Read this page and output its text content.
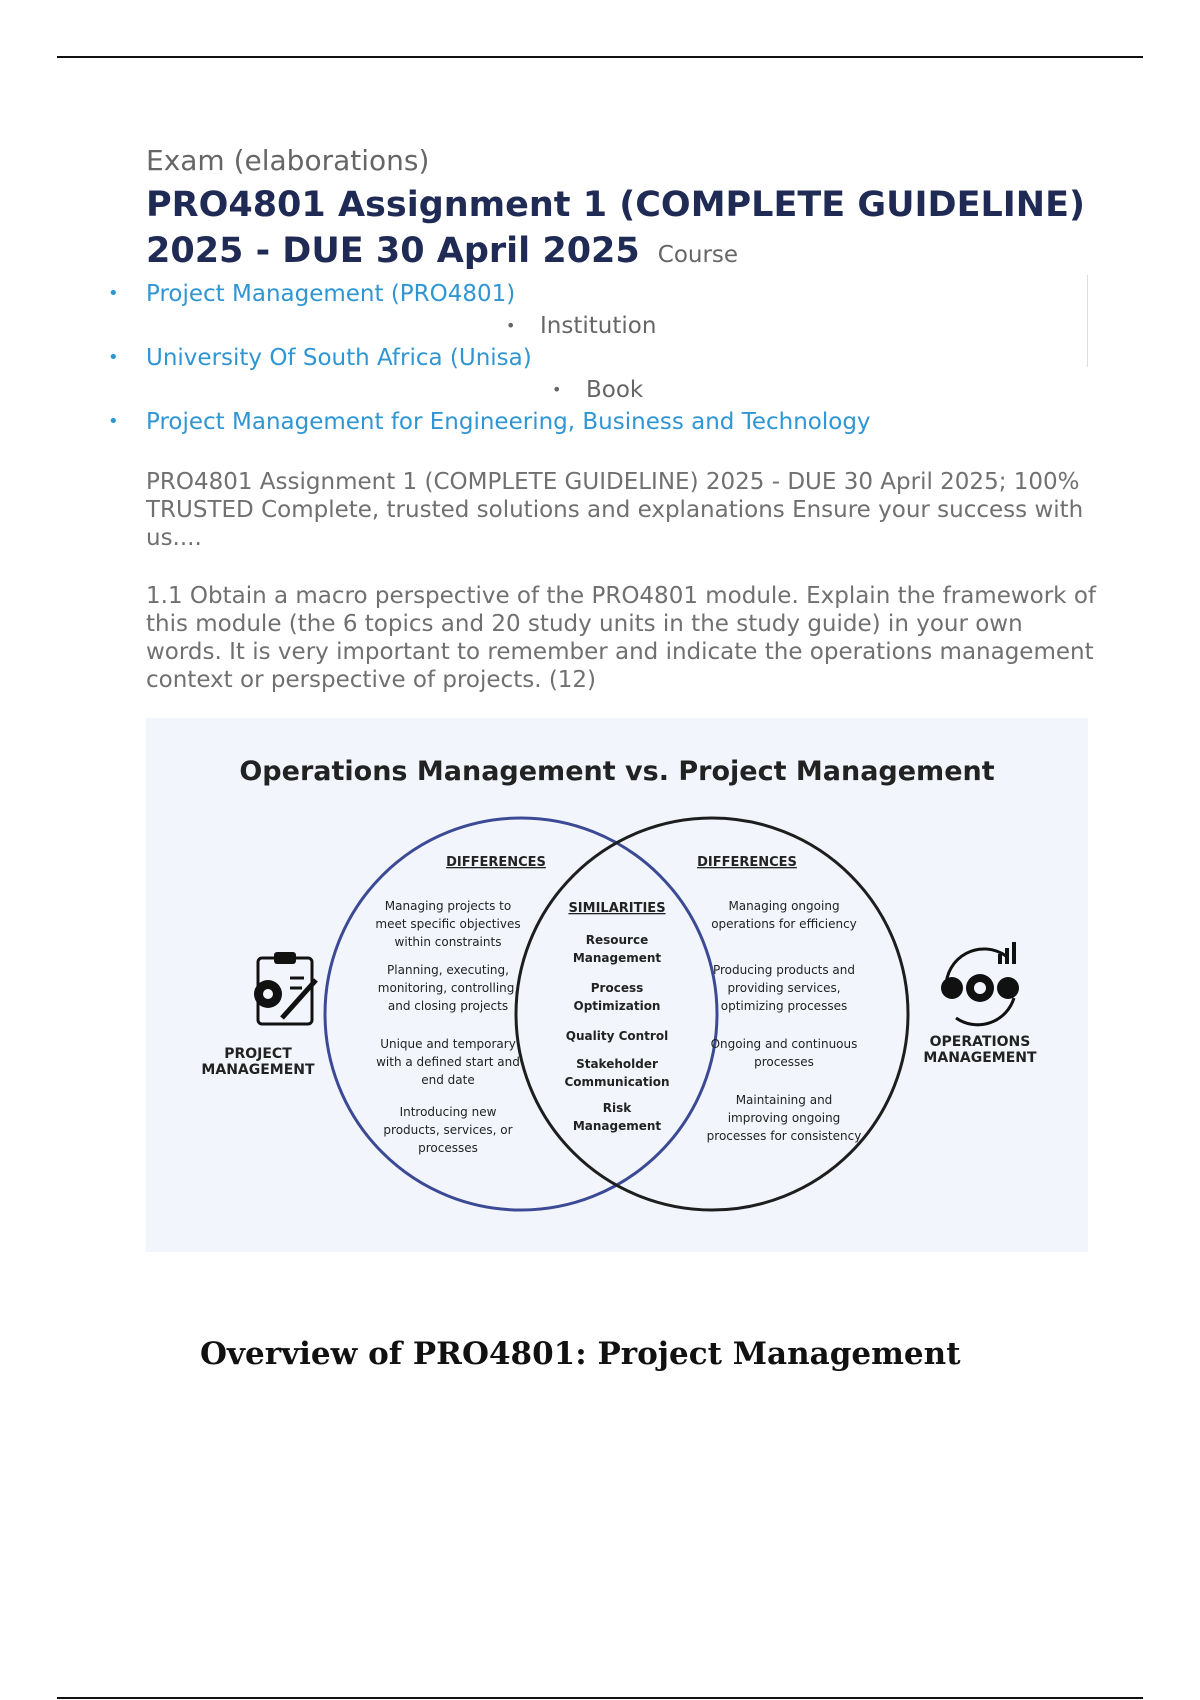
Exam (elaborations)
PRO4801 Assignment 1 (COMPLETE GUIDELINE) 2025 - DUE 30 April 2025 Course
• Project Management (PRO4801)
• Institution
• University Of South Africa (Unisa)
• Book
• Project Management for Engineering, Business and Technology
PRO4801 Assignment 1 (COMPLETE GUIDELINE) 2025 - DUE 30 April 2025; 100% TRUSTED Complete, trusted solutions and explanations Ensure your success with us....
1.1 Obtain a macro perspective of the PRO4801 module. Explain the framework of this module (the 6 topics and 20 study units in the study guide) in your own words. It is very important to remember and indicate the operations management context or perspective of projects. (12)
Operations Management vs. Project Management
DIFFERENCES	DIFFERENCES
SIMILARITIES
Managing projects to
meet specific objectives
within constraints
Planning, executing,
monitoring, controlling,
and closing projects
Unique and temporary
with a defined start and
end date
Introducing new
products, services, or
processes
Resource
Management
Process
Optimization
Quality Control
Stakeholder
Communication
Risk
Management
Managing ongoing
operations for efficiency
Producing products and
providing services,
optimizing processes
Ongoing and continuous
processes
Maintaining and
improving ongoing
processes for consistency
PROJECT
MANAGEMENT
OPERATIONS
MANAGEMENT
Overview of PRO4801: Project Management
